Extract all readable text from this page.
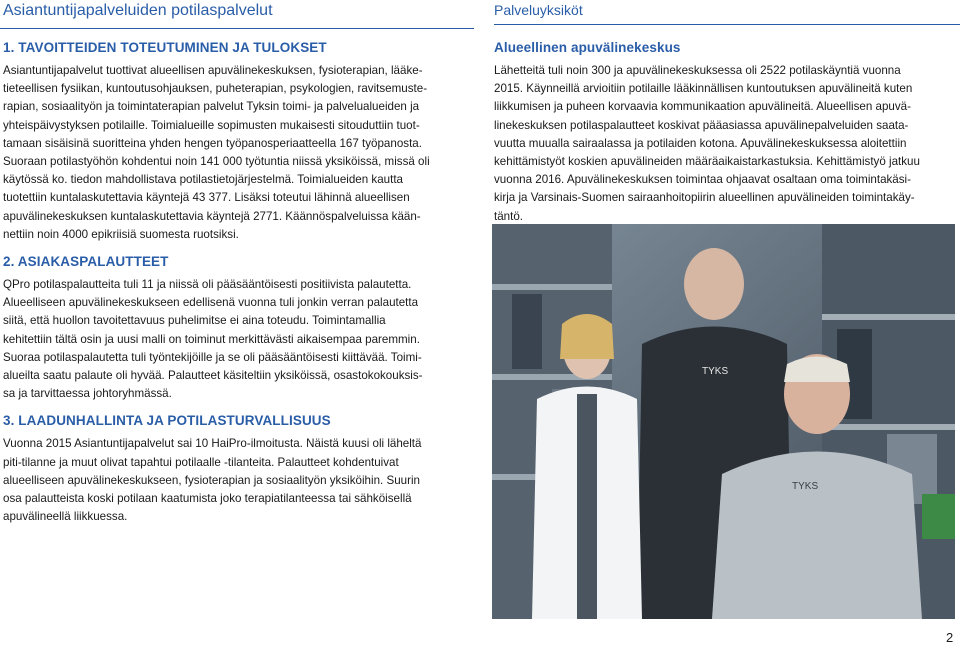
Asiantuntijapalveluiden potilaspalvelut	Palveluyksiköt
1. TAVOITTEIDEN TOTEUTUMINEN JA TULOKSET

Asiantuntijapalvelut tuottivat alueellisen apuvälinekeskuksen, fysioterapian, lääke-
tieteellisen fysiikan, kuntoutusohjauksen, puheterapian, psykologien, ravitsemuste-
rapian, sosiaalityön ja toimintaterapian palvelut Tyksin toimi- ja palvelualueiden ja
yhteispäivystyksen potilaille. Toimialueille sopimusten mukaisesti sitouduttiin tuot-
tamaan sisäisinä suoritteina yhden hengen työpanosperiaatteella 167 työpanosta.
Suoraan potilastyöhön kohdentui noin 141 000 työtuntia niissä yksiköissä, missä oli
käytössä ko. tiedon mahdollistava potilastietojärjestelmä. Toimialueiden kautta
tuotettiin kuntalaskutettavia käyntejä 43 377. Lisäksi toteutui lähinnä alueellisen
apuvälinekeskuksen kuntalaskutettavia käyntejä 2771. Käännöspalveluissa kään-
nettiin noin 4000 epikriisiä suomesta ruotsiksi.

2. ASIAKASPALAUTTEET

QPro potilaspalautteita tuli 11 ja niissä oli pääsääntöisesti positiivista palautetta.
Alueelliseen apuvälinekeskukseen edellisenä vuonna tuli jonkin verran palautetta
siitä, että huollon tavoitettavuus puhelimitse ei aina toteudu. Toimintamallia
kehitettiin tältä osin ja uusi malli on toiminut merkittävästi aikaisempaa paremmin.
Suoraa potilaspalautetta tuli työntekijöille ja se oli pääsääntöisesti kiittävää. Toimi-
alueilta saatu palaute oli hyvää. Palautteet käsiteltiin yksiköissä, osastokokouksis-
sa ja tarvittaessa johtoryhmässä.

3. LAADUNHALLINTA JA POTILASTURVALLISUUS

Vuonna 2015 Asiantuntijapalvelut sai 10 HaiPro-ilmoitusta. Näistä kuusi oli läheltä
piti-tilanne ja muut olivat tapahtui potilaalle -tilanteita. Palautteet kohdentuivat
alueelliseen apuvälinekeskukseen, fysioterapian ja sosiaalityön yksiköihin. Suurin
osa palautteista koski potilaan kaatumista joko terapiatilanteessa tai sähköisellä
apuvälineellä liikkuessa.

Alueellinen apuvälinekeskus

Lähetteitä tuli noin 300 ja apuvälinekeskuksessa oli 2522 potilaskäyntiä vuonna
2015. Käynneillä arvioitiin potilaille lääkinnällisen kuntoutuksen apuvälineitä kuten
liikkumisen ja puheen korvaavia kommunikaation apuvälineitä. Alueellisen apuvä-
linekeskuksen potilaspalautteet koskivat pääasiassa apuvälinepalveluiden saata-
vuutta muualla sairaalassa ja potilaiden kotona. Apuvälinekeskuksessa aloitettiin
kehittämistyöt koskien apuvälineiden määräaikaistarkastuksia. Kehittämistyö jatkuu
vuonna 2016. Apuvälinekeskuksen toimintaa ohjaavat osaltaan oma toimintakäsi-
kirja ja Varsinais-Suomen sairaanhoitopiirin alueellinen apuvälineiden toimintakäy-
täntö.

TYKS
TYKS
2
